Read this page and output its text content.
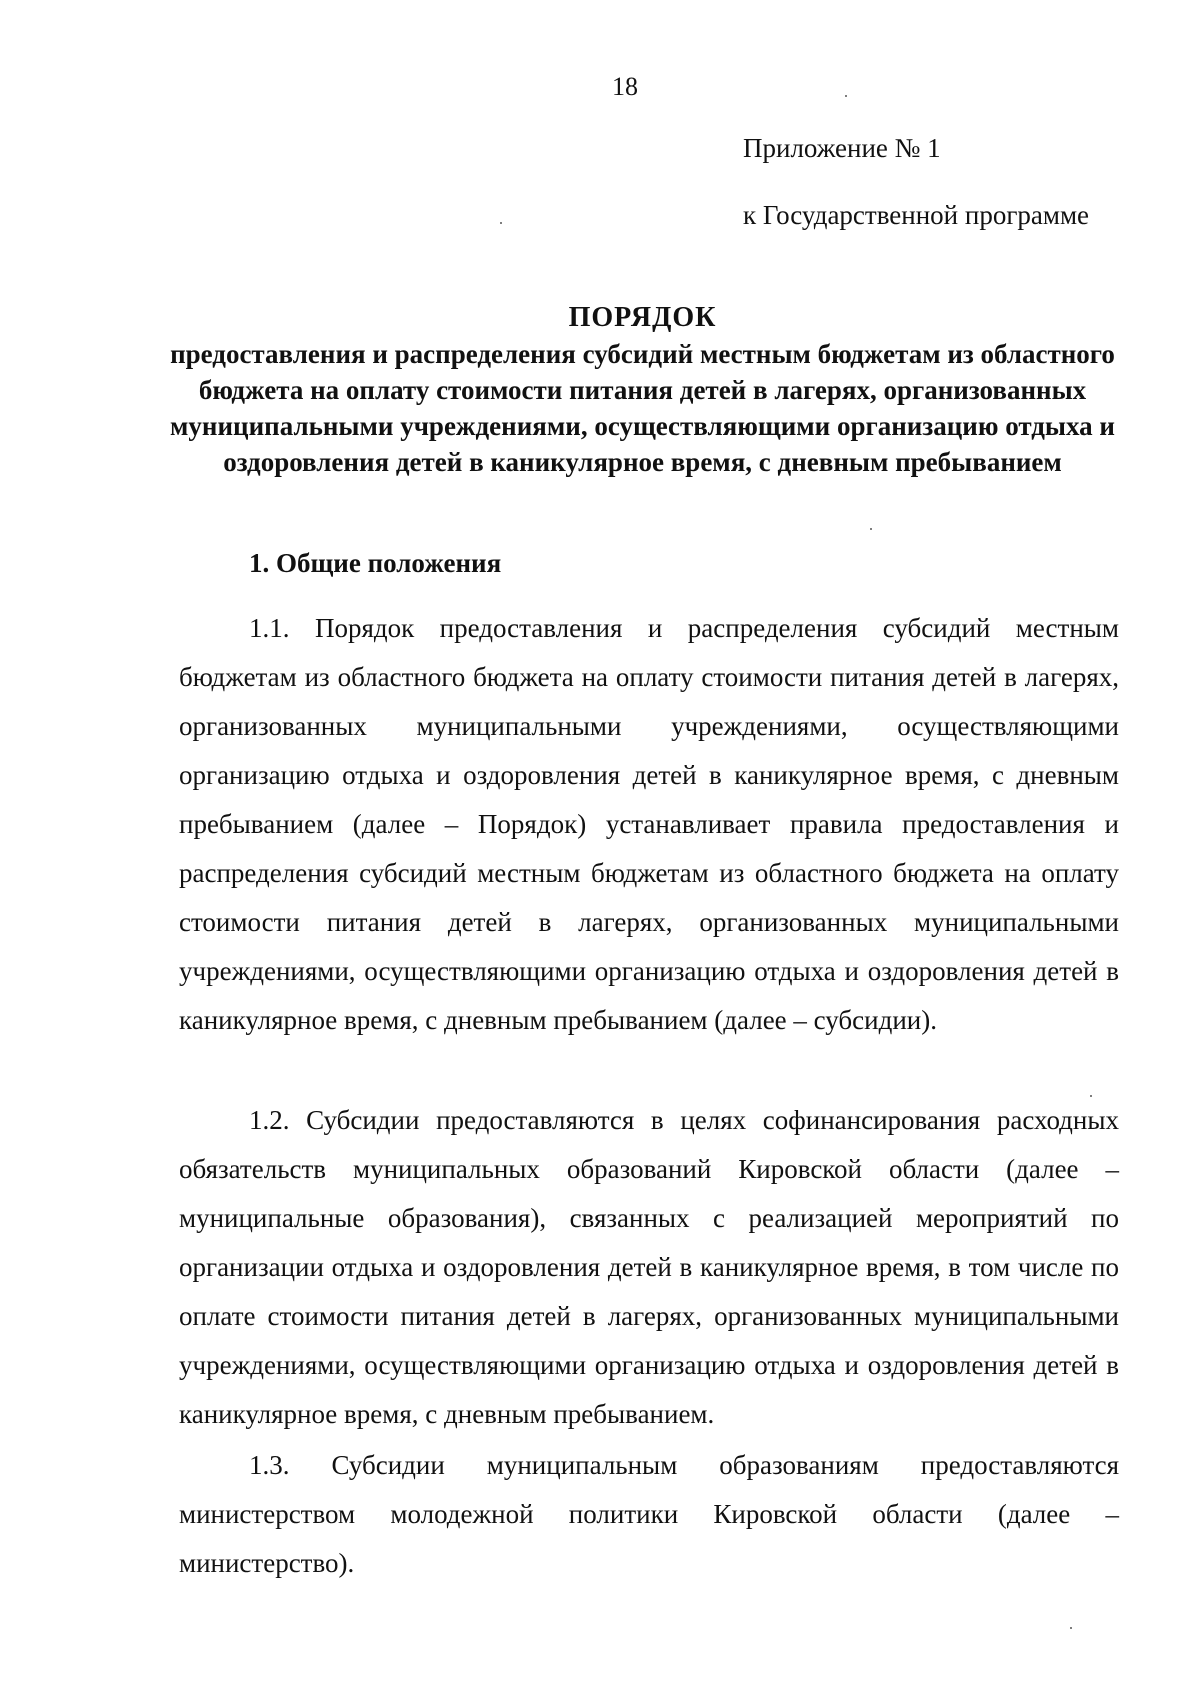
18
Приложение № 1
к Государственной программе
ПОРЯДОК
предоставления и распределения субсидий местным бюджетам из областного бюджета на оплату стоимости питания детей в лагерях, организованных муниципальными учреждениями, осуществляющими организацию отдыха и оздоровления детей в каникулярное время, с дневным пребыванием
1. Общие положения
1.1. Порядок предоставления и распределения субсидий местным бюджетам из областного бюджета на оплату стоимости питания детей в лагерях, организованных муниципальными учреждениями, осуществляющими организацию отдыха и оздоровления детей в каникулярное время, с дневным пребыванием (далее – Порядок) устанавливает правила предоставления и распределения субсидий местным бюджетам из областного бюджета на оплату стоимости питания детей в лагерях, организованных муниципальными учреждениями, осуществляющими организацию отдыха и оздоровления детей в каникулярное время, с дневным пребыванием (далее – субсидии).
1.2. Субсидии предоставляются в целях софинансирования расходных обязательств муниципальных образований Кировской области (далее – муниципальные образования), связанных с реализацией мероприятий по организации отдыха и оздоровления детей в каникулярное время, в том числе по оплате стоимости питания детей в лагерях, организованных муниципальными учреждениями, осуществляющими организацию отдыха и оздоровления детей в каникулярное время, с дневным пребыванием.
1.3. Субсидии муниципальным образованиям предоставляются министерством молодежной политики Кировской области (далее – министерство).
